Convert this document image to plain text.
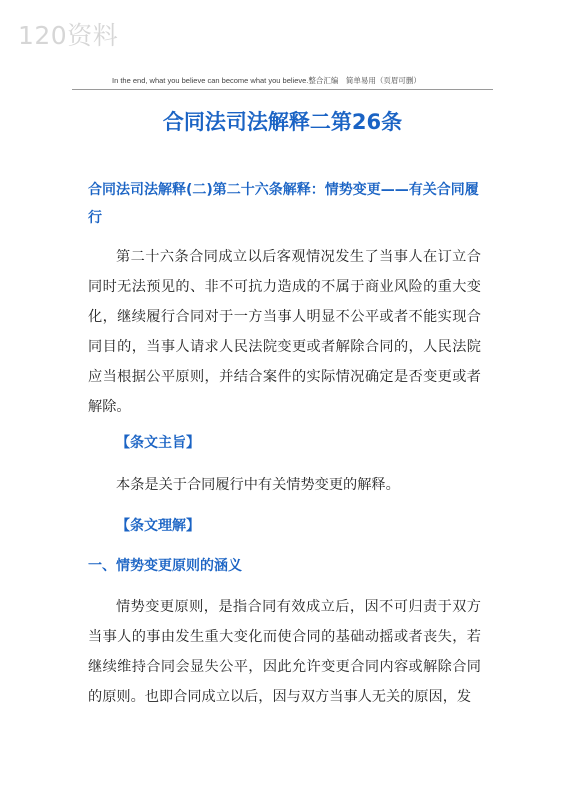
120资料
In the end, what you believe can become what you believe.整合汇编　简单易用（页眉可删）
合同法司法解释二第26条
合同法司法解释(二)第二十六条解释：情势变更——有关合同履行
第二十六条合同成立以后客观情况发生了当事人在订立合同时无法预见的、非不可抗力造成的不属于商业风险的重大变化，继续履行合同对于一方当事人明显不公平或者不能实现合同目的，当事人请求人民法院变更或者解除合同的，人民法院应当根据公平原则，并结合案件的实际情况确定是否变更或者解除。
【条文主旨】
本条是关于合同履行中有关情势变更的解释。
【条文理解】
一、情势变更原则的涵义
情势变更原则，是指合同有效成立后，因不可归责于双方当事人的事由发生重大变化而使合同的基础动摇或者丧失，若继续维持合同会显失公平，因此允许变更合同内容或解除合同的原则。也即合同成立以后，因与双方当事人无关的原因，发
